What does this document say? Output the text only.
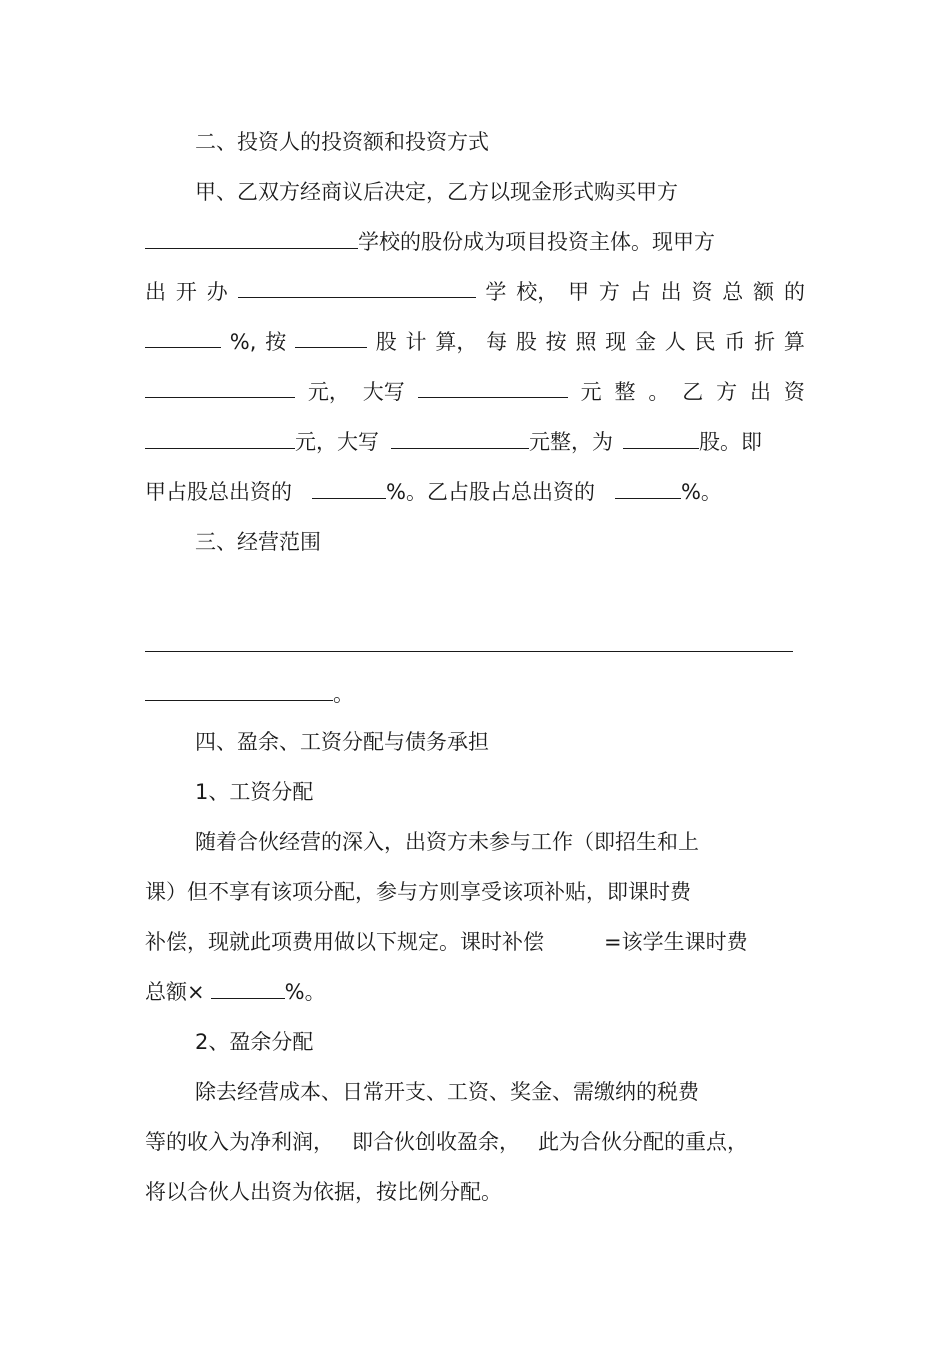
二、投资人的投资额和投资方式
甲、乙双方经商议后决定，乙方以现金形式购买甲方
学校的股份成为项目投资主体。现甲方
出 开 办	学 校， 甲 方 占 出 资 总 额 的
%, 按	股 计 算， 每 股 按 照 现 金 人 民 币 折 算
元， 大写	元 整 。 乙 方 出 资
元，大写	元整，为	股。即
甲占股总出资的	%。乙占股占总出资的	%。
三、经营范围
。
四、盈余、工资分配与债务承担
1、工资分配
随着合伙经营的深入，出资方未参与工作（即招生和上
课）但不享有该项分配，参与方则享受该项补贴，即课时费
补偿，现就此项费用做以下规定。课时补偿	=该学生课时费
总额×	%。
2、盈余分配
除去经营成本、日常开支、工资、奖金、需缴纳的税费
等的收入为净利润， 即合伙创收盈余， 此为合伙分配的重点，
将以合伙人出资为依据，按比例分配。
